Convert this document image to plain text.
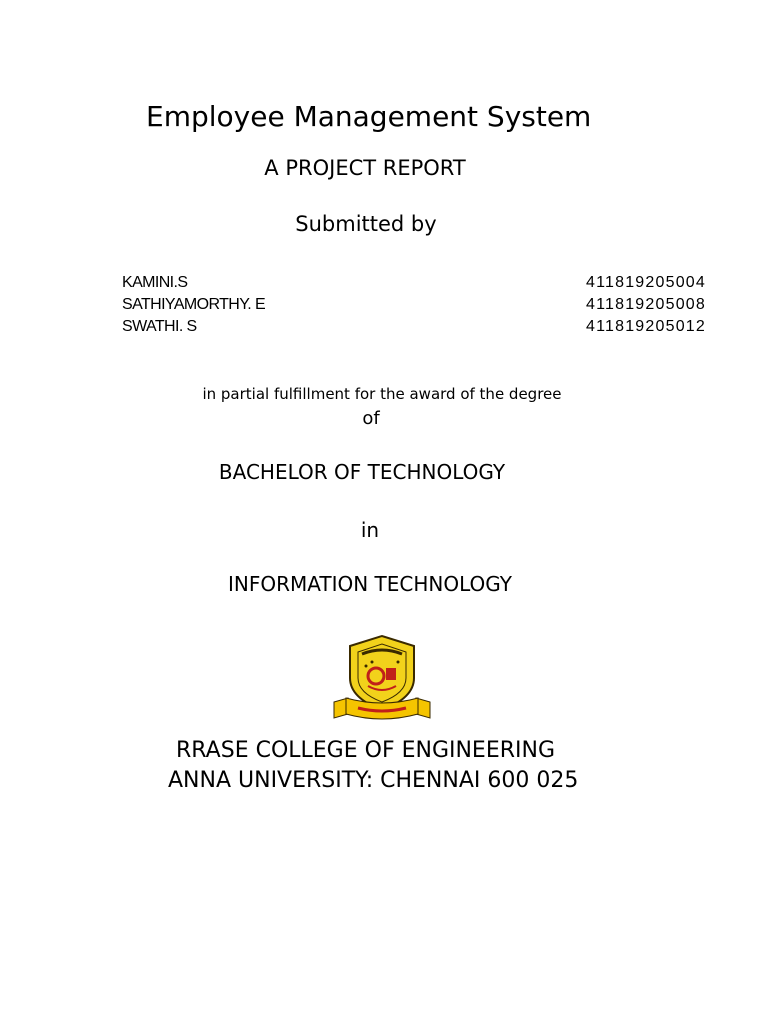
Employee Management System
A PROJECT REPORT
Submitted by
KAMINI.S	411819205004
SATHIYAMORTHY. E	411819205008
SWATHI. S	411819205012
in partial fulfillment for the award of the degree
of
BACHELOR OF TECHNOLOGY
in
INFORMATION TECHNOLOGY
RRASE COLLEGE OF ENGINEERING
ANNA UNIVERSITY: CHENNAI 600 025
